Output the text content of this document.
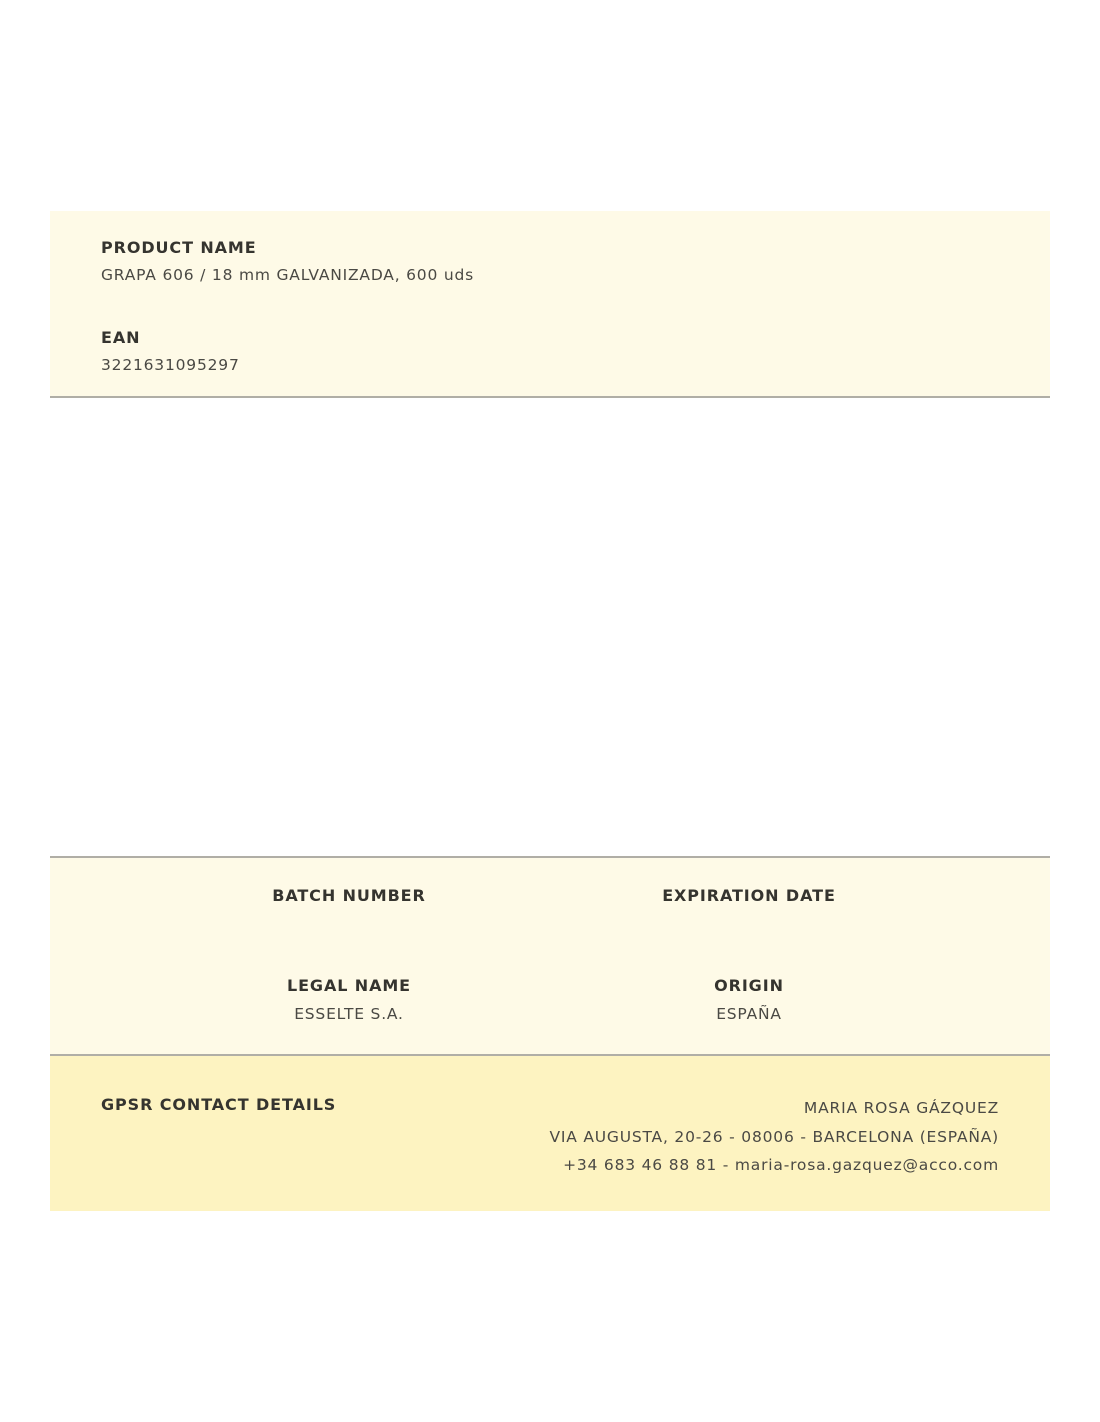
PRODUCT NAME
GRAPA 606 / 18 mm GALVANIZADA, 600 uds
EAN
3221631095297
BATCH NUMBER	EXPIRATION DATE
LEGAL NAME
ESSELTE S.A.
ORIGIN
ESPAÑA
GPSR CONTACT DETAILS	MARIA ROSA GÁZQUEZ
VIA AUGUSTA, 20-26 - 08006 - BARCELONA (ESPAÑA)
+34 683 46 88 81 - maria-rosa.gazquez@acco.com
